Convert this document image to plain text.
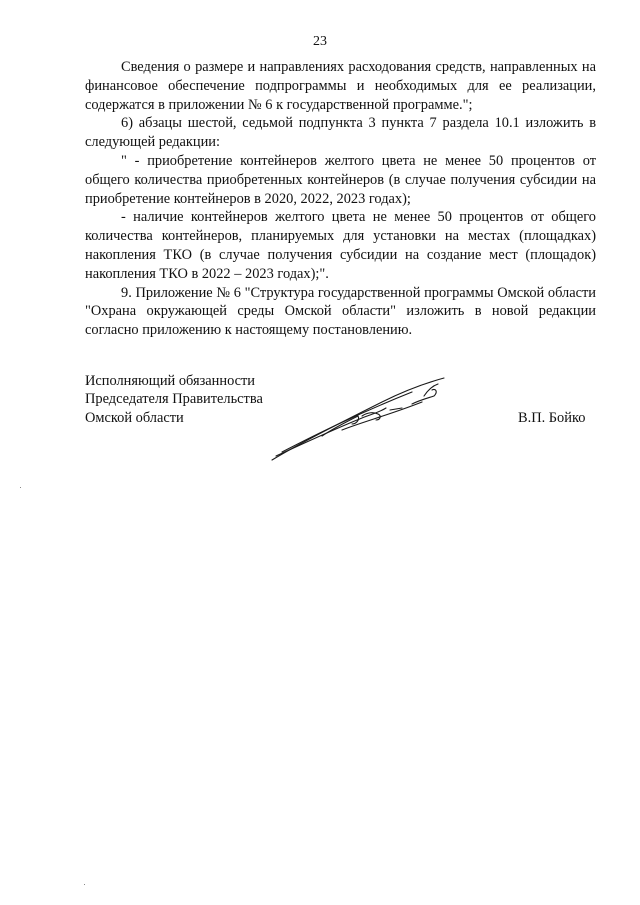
23

Сведения о размере и направлениях расходования средств, направленных на финансовое обеспечение подпрограммы и необходимых для ее реализации, содержатся в приложении № 6 к государственной программе.";

6) абзацы шестой, седьмой подпункта 3 пункта 7 раздела 10.1 изложить в следующей редакции:

" - приобретение контейнеров желтого цвета не менее 50 процентов от общего количества приобретенных контейнеров (в случае получения субсидии на приобретение контейнеров в 2020, 2022, 2023 годах);

- наличие контейнеров желтого цвета не менее 50 процентов от общего количества контейнеров, планируемых для установки на местах (площадках) накопления ТКО (в случае получения субсидии на создание мест (площадок) накопления ТКО в 2022 – 2023 годах);".

9. Приложение № 6 "Структура государственной программы Омской области "Охрана окружающей среды Омской области" изложить в новой редакции согласно приложению к настоящему постановлению.

Исполняющий обязанности
Председателя Правительства
Омской области	В.П. Бойко
